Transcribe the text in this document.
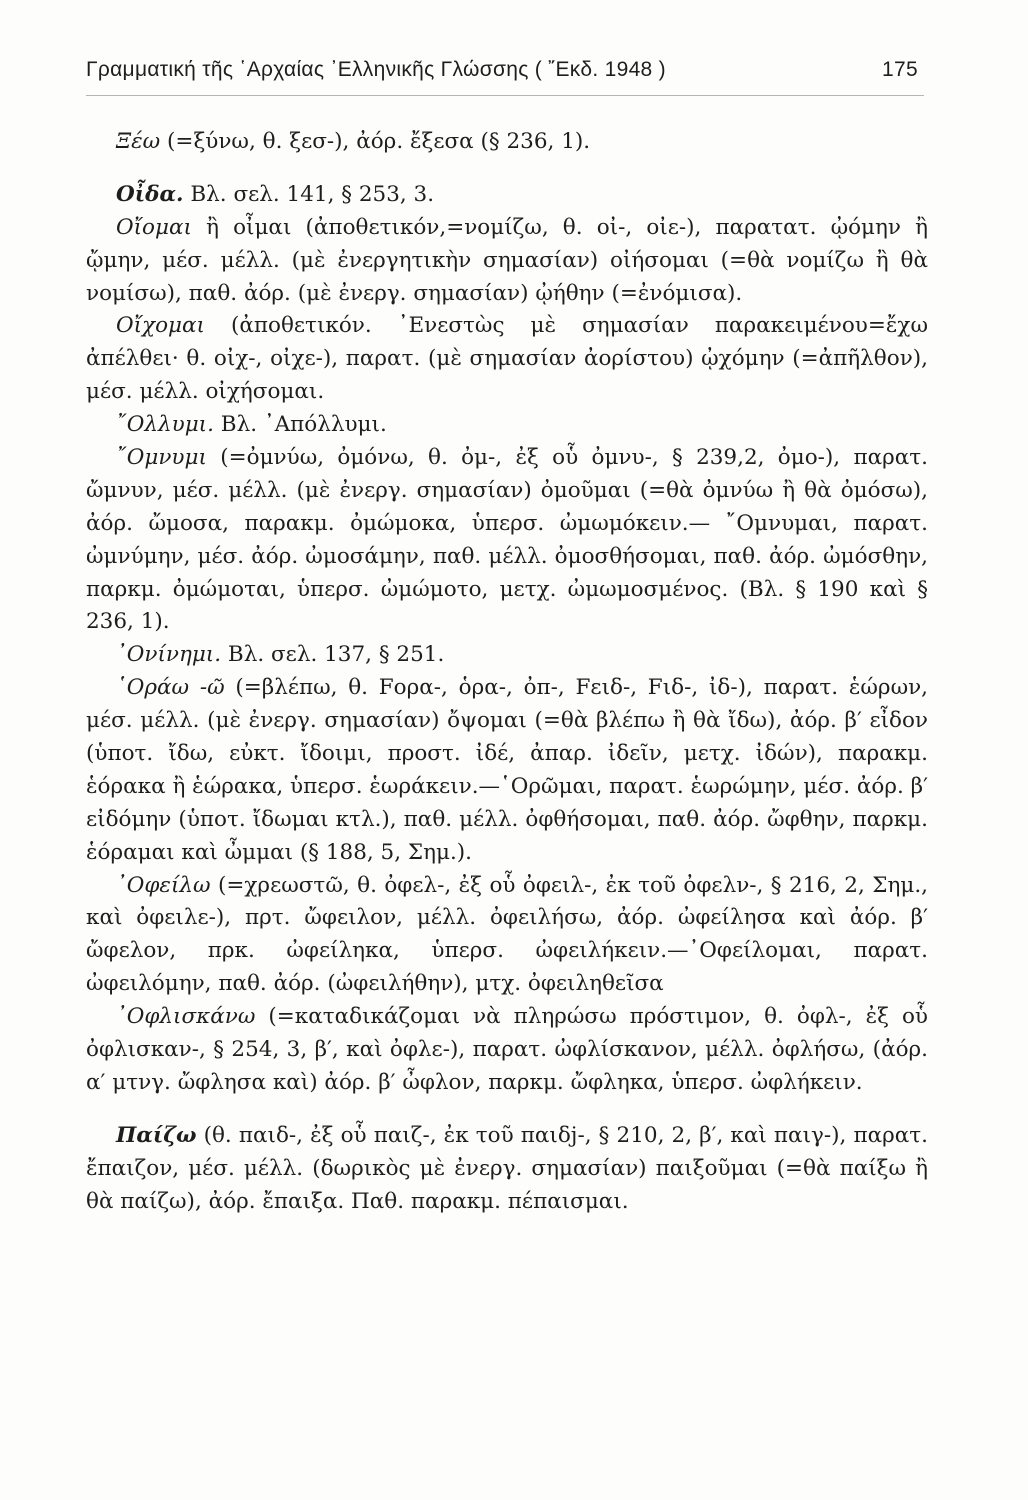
Γραμματική τῆς ῾Αρχαίας ᾿Ελληνικῆς Γλώσσης ( ῎Εκδ. 1948 )	175

Ξέω (=ξύνω, θ. ξεσ-), ἀόρ. ἔξεσα (§ 236, 1).

Οἶδα. Βλ. σελ. 141, § 253, 3.

Οἴομαι ἢ οἶμαι (ἀποθετικόν,=νομίζω, θ. οἰ-, οἰε-), παρατατ. ᾠόμην ἢ ᾤμην, μέσ. μέλλ. (μὲ ἐνεργητικὴν σημασίαν) οἰήσομαι (=θὰ νομίζω ἢ θὰ νομίσω), παθ. ἀόρ. (μὲ ἐνεργ. σημασίαν) ᾠήθην (=ἐνόμισα).

Οἴχομαι (ἀποθετικόν. ᾿Ενεστὼς μὲ σημασίαν παρακειμένου=ἔχω ἀπέλθει· θ. οἰχ-, οἰχε-), παρατ. (μὲ σημασίαν ἀορίστου) ᾠχόμην (=ἀπῆλθον), μέσ. μέλλ. οἰχήσομαι.

῎Ολλυμι. Βλ. ᾿Απόλλυμι.

῎Ομνυμι (=ὀμνύω, ὀμόνω, θ. ὀμ-, ἐξ οὗ ὀμνυ-, § 239,2, ὀμο-), παρατ. ὤμνυν, μέσ. μέλλ. (μὲ ἐνεργ. σημασίαν) ὀμοῦμαι (=θὰ ὀμνύω ἢ θὰ ὀμόσω), ἀόρ. ὤμοσα, παρακμ. ὀμώμοκα, ὑπερσ. ὠμωμόκειν.— ῎Ομνυμαι, παρατ. ὠμνύμην, μέσ. ἀόρ. ὠμοσάμην, παθ. μέλλ. ὀμοσθήσομαι, παθ. ἀόρ. ὠμόσθην, παρκμ. ὀμώμοται, ὑπερσ. ὠμώμοτο, μετχ. ὠμωμοσμένος. (Βλ. § 190 καὶ § 236, 1).

᾿Ονίνημι. Βλ. σελ. 137, § 251.

῾Οράω -ῶ (=βλέπω, θ. Fορα-, ὁρα-, ὀπ-, Fειδ-, Fιδ-, ἰδ-), παρατ. ἑώρων, μέσ. μέλλ. (μὲ ἐνεργ. σημασίαν) ὄψομαι (=θὰ βλέπω ἢ θὰ ἴδω), ἀόρ. β′ εἶδον (ὑποτ. ἴδω, εὐκτ. ἴδοιμι, προστ. ἰδέ, ἀπαρ. ἰδεῖν, μετχ. ἰδών), παρακμ. ἑόρακα ἢ ἑώρακα, ὑπερσ. ἑωράκειν.—῾Ορῶμαι, παρατ. ἑωρώμην, μέσ. ἀόρ. β′ εἰδόμην (ὑποτ. ἴδωμαι κτλ.), παθ. μέλλ. ὀφθήσομαι, παθ. ἀόρ. ὤφθην, παρκμ. ἑόραμαι καὶ ὦμμαι (§ 188, 5, Σημ.).

᾿Οφείλω (=χρεωστῶ, θ. ὀφελ-, ἐξ οὗ ὀφειλ-, ἐκ τοῦ ὀφελν-, § 216, 2, Σημ., καὶ ὀφειλε-), πρτ. ὤφειλον, μέλλ. ὀφειλήσω, ἀόρ. ὠφείλησα καὶ ἀόρ. β′ ὤφελον, πρκ. ὠφείληκα, ὑπερσ. ὠφειλήκειν.—᾿Οφείλομαι, παρατ. ὠφειλόμην, παθ. ἀόρ. (ὠφειλήθην), μτχ. ὀφειληθεῖσα

᾿Οφλισκάνω (=καταδικάζομαι νὰ πληρώσω πρόστιμον, θ. ὀφλ-, ἐξ οὗ ὀφλισκαν-, § 254, 3, β′, καὶ ὀφλε-), παρατ. ὠφλίσκανον, μέλλ. ὀφλήσω, (ἀόρ. α′ μτνγ. ὤφλησα καὶ) ἀόρ. β′ ὦφλον, παρκμ. ὤφληκα, ὑπερσ. ὠφλήκειν.

Παίζω (θ. παιδ-, ἐξ οὗ παιζ-, ἐκ τοῦ παιδj-, § 210, 2, β′, καὶ παιγ-), παρατ. ἔπαιζον, μέσ. μέλλ. (δωρικὸς μὲ ἐνεργ. σημασίαν) παιξοῦμαι (=θὰ παίξω ἢ θὰ παίζω), ἀόρ. ἔπαιξα. Παθ. παρακμ. πέπαισμαι.
